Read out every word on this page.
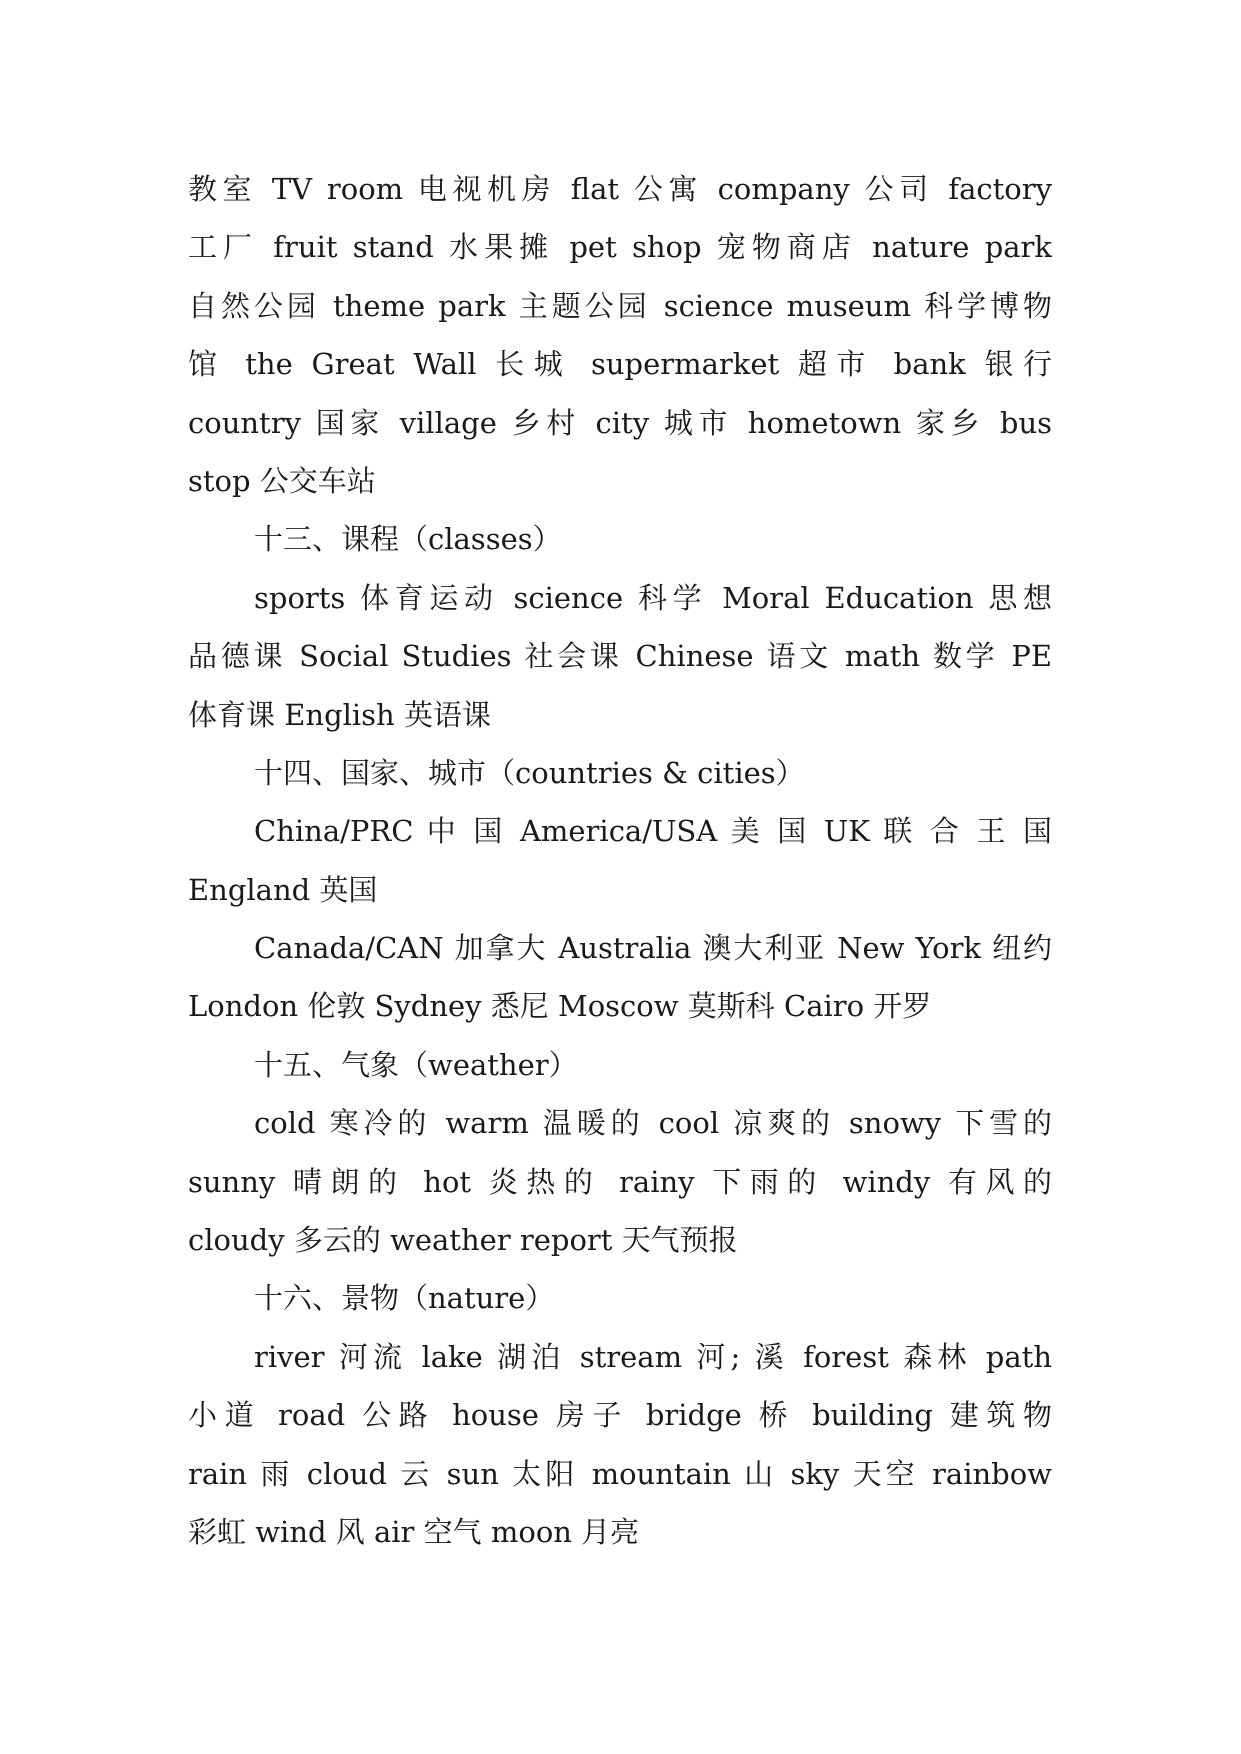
教室 TV room 电视机房 flat 公寓 company 公司 factory
工厂 fruit stand 水果摊 pet shop 宠物商店 nature park
自然公园 theme park 主题公园 science museum 科学博物
馆 the Great Wall 长城 supermarket 超市 bank 银行
country 国家 village 乡村 city 城市 hometown 家乡 bus
stop 公交车站
十三、课程（classes）
sports 体育运动 science 科学 Moral Education 思想
品德课 Social Studies 社会课 Chinese 语文 math 数学 PE
体育课 English 英语课
十四、国家、城市（countries & cities）
China/PRC 中 国 America/USA 美 国 UK 联 合 王 国
England 英国
Canada/CAN 加拿大 Australia 澳大利亚 New York 纽约
London 伦敦 Sydney 悉尼 Moscow 莫斯科 Cairo 开罗
十五、气象（weather）
cold 寒冷的 warm 温暖的 cool 凉爽的 snowy 下雪的
sunny 晴朗的 hot 炎热的 rainy 下雨的 windy 有风的
cloudy 多云的 weather report 天气预报
十六、景物（nature）
river 河流 lake 湖泊 stream 河; 溪 forest 森林 path
小道 road 公路 house 房子 bridge 桥 building 建筑物
rain 雨 cloud 云 sun 太阳 mountain 山 sky 天空 rainbow
彩虹 wind 风 air 空气 moon 月亮
